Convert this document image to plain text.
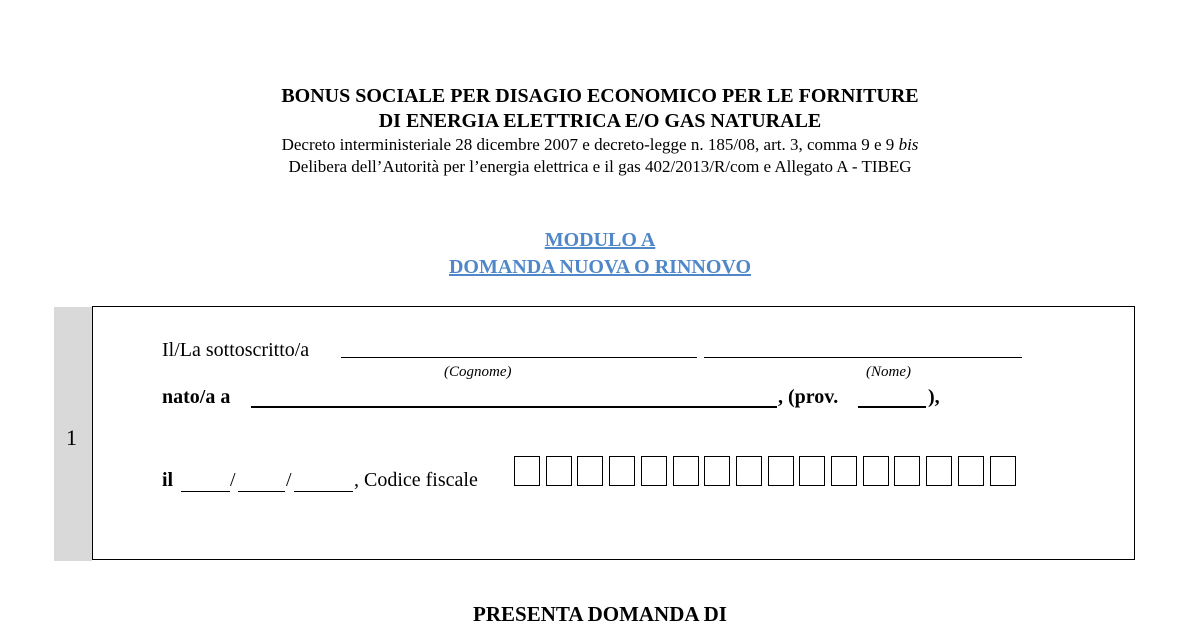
BONUS SOCIALE PER DISAGIO ECONOMICO PER LE FORNITURE
DI ENERGIA ELETTRICA E/O GAS NATURALE
Decreto interministeriale 28 dicembre 2007 e decreto-legge n. 185/08, art. 3, comma 9 e 9 bis
Delibera dell’Autorità per l’energia elettrica e il gas 402/2013/R/com e Allegato A - TIBEG
MODULO A
DOMANDA NUOVA O RINNOVO
1
Il/La sottoscritto/a
(Cognome)	(Nome)
nato/a a	, (prov.	),
il	/	/	, Codice fiscale
PRESENTA DOMANDA DI
